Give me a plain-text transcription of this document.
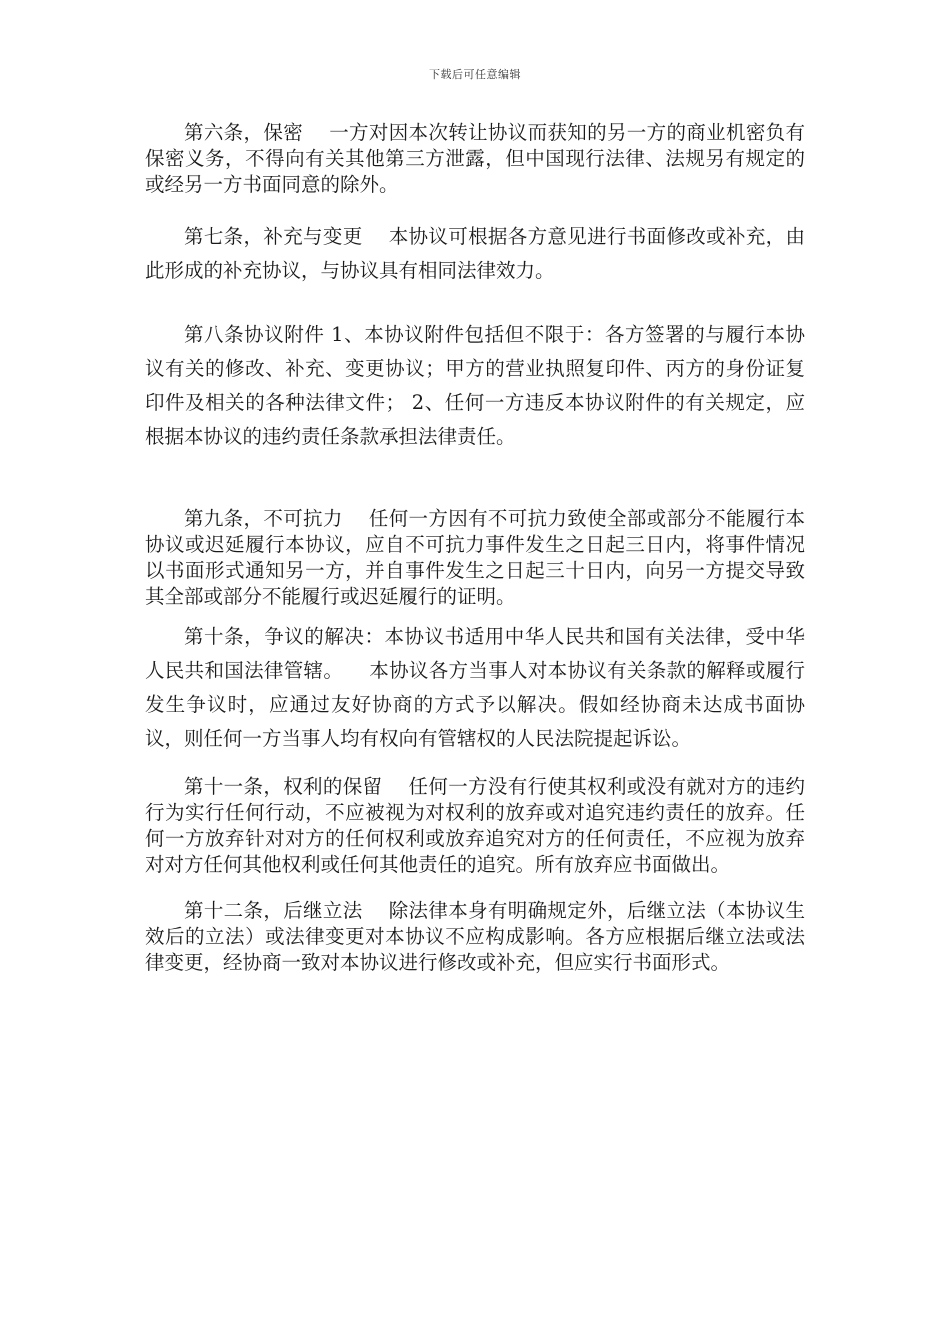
下载后可任意编辑

第六条，保密    一方对因本次转让协议而获知的另一方的商业机密负有保密义务，不得向有关其他第三方泄露，但中国现行法律、法规另有规定的或经另一方书面同意的除外。

第七条，补充与变更    本协议可根据各方意见进行书面修改或补充，由此形成的补充协议，与协议具有相同法律效力。

第八条协议附件 1、本协议附件包括但不限于：各方签署的与履行本协议有关的修改、补充、变更协议；甲方的营业执照复印件、丙方的身份证复印件及相关的各种法律文件； 2、任何一方违反本协议附件的有关规定，应根据本协议的违约责任条款承担法律责任。

第九条，不可抗力    任何一方因有不可抗力致使全部或部分不能履行本协议或迟延履行本协议，应自不可抗力事件发生之日起三日内，将事件情况以书面形式通知另一方，并自事件发生之日起三十日内，向另一方提交导致其全部或部分不能履行或迟延履行的证明。

第十条，争议的解决：本协议书适用中华人民共和国有关法律，受中华人民共和国法律管辖。    本协议各方当事人对本协议有关条款的解释或履行发生争议时，应通过友好协商的方式予以解决。假如经协商未达成书面协议，则任何一方当事人均有权向有管辖权的人民法院提起诉讼。

第十一条，权利的保留    任何一方没有行使其权利或没有就对方的违约行为实行任何行动，不应被视为对权利的放弃或对追究违约责任的放弃。任何一方放弃针对对方的任何权利或放弃追究对方的任何责任，不应视为放弃对对方任何其他权利或任何其他责任的追究。所有放弃应书面做出。

第十二条，后继立法    除法律本身有明确规定外，后继立法（本协议生效后的立法）或法律变更对本协议不应构成影响。各方应根据后继立法或法律变更，经协商一致对本协议进行修改或补充，但应实行书面形式。
